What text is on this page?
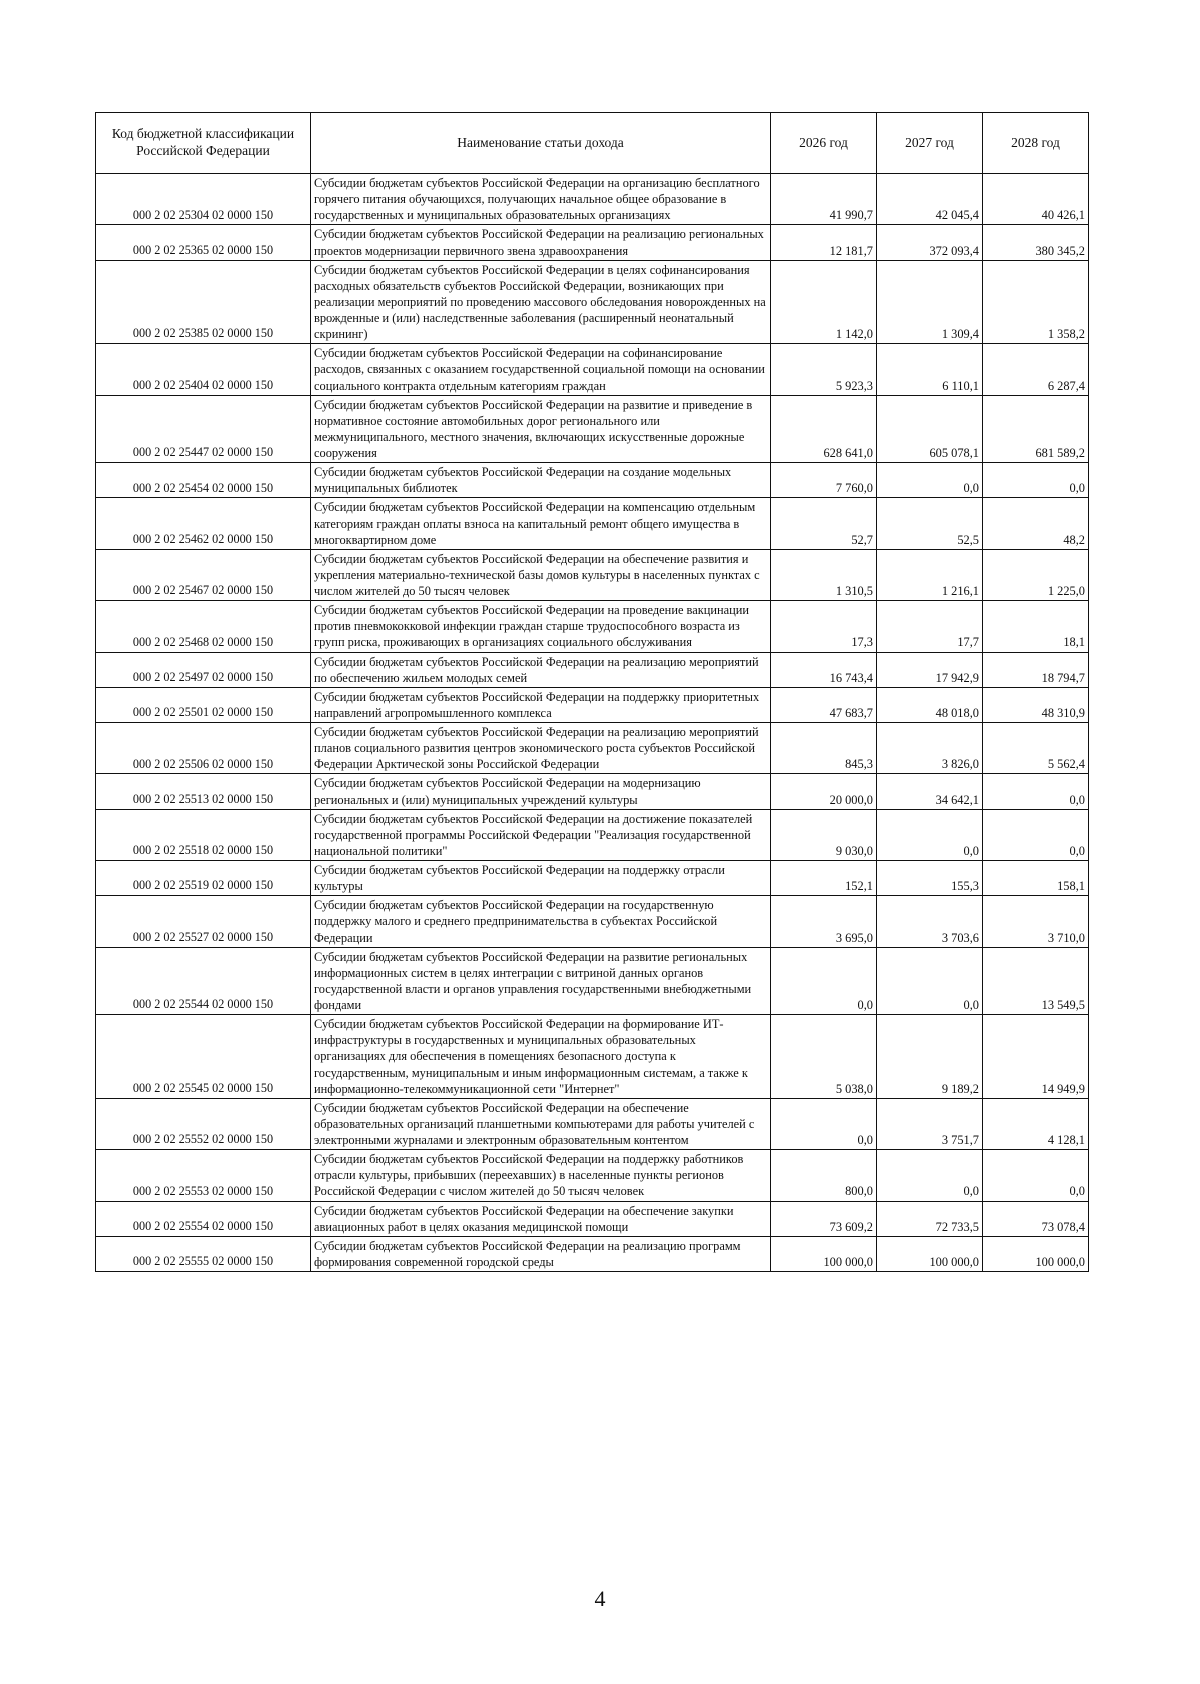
Код бюджетной классификации Российской Федерации	Наименование статьи дохода	2026 год	2027 год	2028 год
000 2 02 25304 02 0000 150	Субсидии бюджетам субъектов Российской Федерации на организацию бесплатного горячего питания обучающихся, получающих начальное общее образование в государственных и муниципальных образовательных организациях	41 990,7	42 045,4	40 426,1
000 2 02 25365 02 0000 150	Субсидии бюджетам субъектов Российской Федерации на реализацию региональных проектов модернизации первичного звена здравоохранения	12 181,7	372 093,4	380 345,2
000 2 02 25385 02 0000 150	Субсидии бюджетам субъектов Российской Федерации в целях софинансирования расходных обязательств субъектов Российской Федерации, возникающих при реализации мероприятий по проведению массового обследования новорожденных на врожденные и (или) наследственные заболевания (расширенный неонатальный скрининг)	1 142,0	1 309,4	1 358,2
000 2 02 25404 02 0000 150	Субсидии бюджетам субъектов Российской Федерации на софинансирование расходов, связанных с оказанием государственной социальной помощи на основании социального контракта отдельным категориям граждан	5 923,3	6 110,1	6 287,4
000 2 02 25447 02 0000 150	Субсидии бюджетам субъектов Российской Федерации на развитие и приведение в нормативное состояние автомобильных дорог регионального или межмуниципального, местного значения, включающих искусственные дорожные сооружения	628 641,0	605 078,1	681 589,2
000 2 02 25454 02 0000 150	Субсидии бюджетам субъектов Российской Федерации на создание модельных муниципальных библиотек	7 760,0	0,0	0,0
000 2 02 25462 02 0000 150	Субсидии бюджетам субъектов Российской Федерации на компенсацию отдельным категориям граждан оплаты взноса на капитальный ремонт общего имущества в многоквартирном доме	52,7	52,5	48,2
000 2 02 25467 02 0000 150	Субсидии бюджетам субъектов Российской Федерации на обеспечение развития и укрепления материально-технической базы домов культуры в населенных пунктах с числом жителей до 50 тысяч человек	1 310,5	1 216,1	1 225,0
000 2 02 25468 02 0000 150	Субсидии бюджетам субъектов Российской Федерации на проведение вакцинации против пневмококковой инфекции граждан старше трудоспособного возраста из групп риска, проживающих в организациях социального обслуживания	17,3	17,7	18,1
000 2 02 25497 02 0000 150	Субсидии бюджетам субъектов Российской Федерации на реализацию мероприятий по обеспечению жильем молодых семей	16 743,4	17 942,9	18 794,7
000 2 02 25501 02 0000 150	Субсидии бюджетам субъектов Российской Федерации на поддержку приоритетных направлений агропромышленного комплекса	47 683,7	48 018,0	48 310,9
000 2 02 25506 02 0000 150	Субсидии бюджетам субъектов Российской Федерации на реализацию мероприятий планов социального развития центров экономического роста субъектов Российской Федерации Арктической зоны Российской Федерации	845,3	3 826,0	5 562,4
000 2 02 25513 02 0000 150	Субсидии бюджетам субъектов Российской Федерации на модернизацию региональных и (или) муниципальных учреждений культуры	20 000,0	34 642,1	0,0
000 2 02 25518 02 0000 150	Субсидии бюджетам субъектов Российской Федерации на достижение показателей государственной программы Российской Федерации "Реализация государственной национальной политики"	9 030,0	0,0	0,0
000 2 02 25519 02 0000 150	Субсидии бюджетам субъектов Российской Федерации на поддержку отрасли культуры	152,1	155,3	158,1
000 2 02 25527 02 0000 150	Субсидии бюджетам субъектов Российской Федерации на государственную поддержку малого и среднего предпринимательства в субъектах Российской Федерации	3 695,0	3 703,6	3 710,0
000 2 02 25544 02 0000 150	Субсидии бюджетам субъектов Российской Федерации на развитие региональных информационных систем в целях интеграции с витриной данных органов государственной власти и органов управления государственными внебюджетными фондами	0,0	0,0	13 549,5
000 2 02 25545 02 0000 150	Субсидии бюджетам субъектов Российской Федерации на формирование ИТ-инфраструктуры в государственных и муниципальных образовательных организациях для обеспечения в помещениях безопасного доступа к государственным, муниципальным и иным информационным системам, а также к информационно-телекоммуникационной сети "Интернет"	5 038,0	9 189,2	14 949,9
000 2 02 25552 02 0000 150	Субсидии бюджетам субъектов Российской Федерации на обеспечение образовательных организаций планшетными компьютерами для работы учителей с электронными журналами и электронным образовательным контентом	0,0	3 751,7	4 128,1
000 2 02 25553 02 0000 150	Субсидии бюджетам субъектов Российской Федерации на поддержку работников отрасли культуры, прибывших (переехавших) в населенные пункты регионов Российской Федерации с числом жителей до 50 тысяч человек	800,0	0,0	0,0
000 2 02 25554 02 0000 150	Субсидии бюджетам субъектов Российской Федерации на обеспечение закупки авиационных работ в целях оказания медицинской помощи	73 609,2	72 733,5	73 078,4
000 2 02 25555 02 0000 150	Субсидии бюджетам субъектов Российской Федерации на реализацию программ формирования современной городской среды	100 000,0	100 000,0	100 000,0
4
